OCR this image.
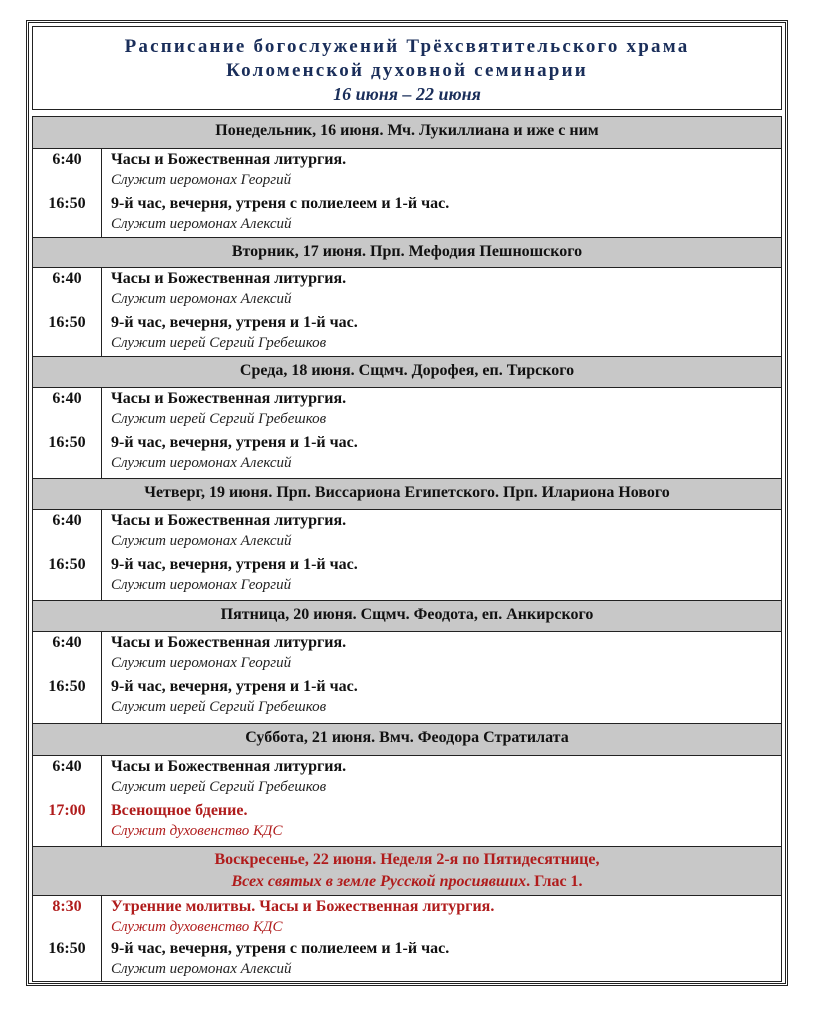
Расписание богослужений Трёхсвятительского храма
Коломенской духовной семинарии
16 июня – 22 июня
Понедельник, 16 июня. Мч. Лукиллиана и иже с ним
6:40	Часы и Божественная литургия.
Служит иеромонах Георгий
16:50	9-й час, вечерня, утреня с полиелеем и 1-й час.
Служит иеромонах Алексий
Вторник, 17 июня. Прп. Мефодия Пешношского
6:40	Часы и Божественная литургия.
Служит иеромонах Алексий
16:50	9-й час, вечерня, утреня и 1-й час.
Служит иерей Сергий Гребешков
Среда, 18 июня. Сщмч. Дорофея, еп. Тирского
6:40	Часы и Божественная литургия.
Служит иерей Сергий Гребешков
16:50	9-й час, вечерня, утреня и 1-й час.
Служит иеромонах Алексий
Четверг, 19 июня. Прп. Виссариона Египетского. Прп. Илариона Нового
6:40	Часы и Божественная литургия.
Служит иеромонах Алексий
16:50	9-й час, вечерня, утреня и 1-й час.
Служит иеромонах Георгий
Пятница, 20 июня. Сщмч. Феодота, еп. Анкирского
6:40	Часы и Божественная литургия.
Служит иеромонах Георгий
16:50	9-й час, вечерня, утреня и 1-й час.
Служит иерей Сергий Гребешков
Суббота, 21 июня. Вмч. Феодора Стратилата
6:40	Часы и Божественная литургия.
Служит иерей Сергий Гребешков
17:00	Всенощное бдение.
Служит духовенство КДС
Воскресенье, 22 июня. Неделя 2-я по Пятидесятнице,
Всех святых в земле Русской просиявших. Глас 1.
8:30	Утренние молитвы. Часы и Божественная литургия.
Служит духовенство КДС
16:50	9-й час, вечерня, утреня с полиелеем и 1-й час.
Служит иеромонах Алексий
